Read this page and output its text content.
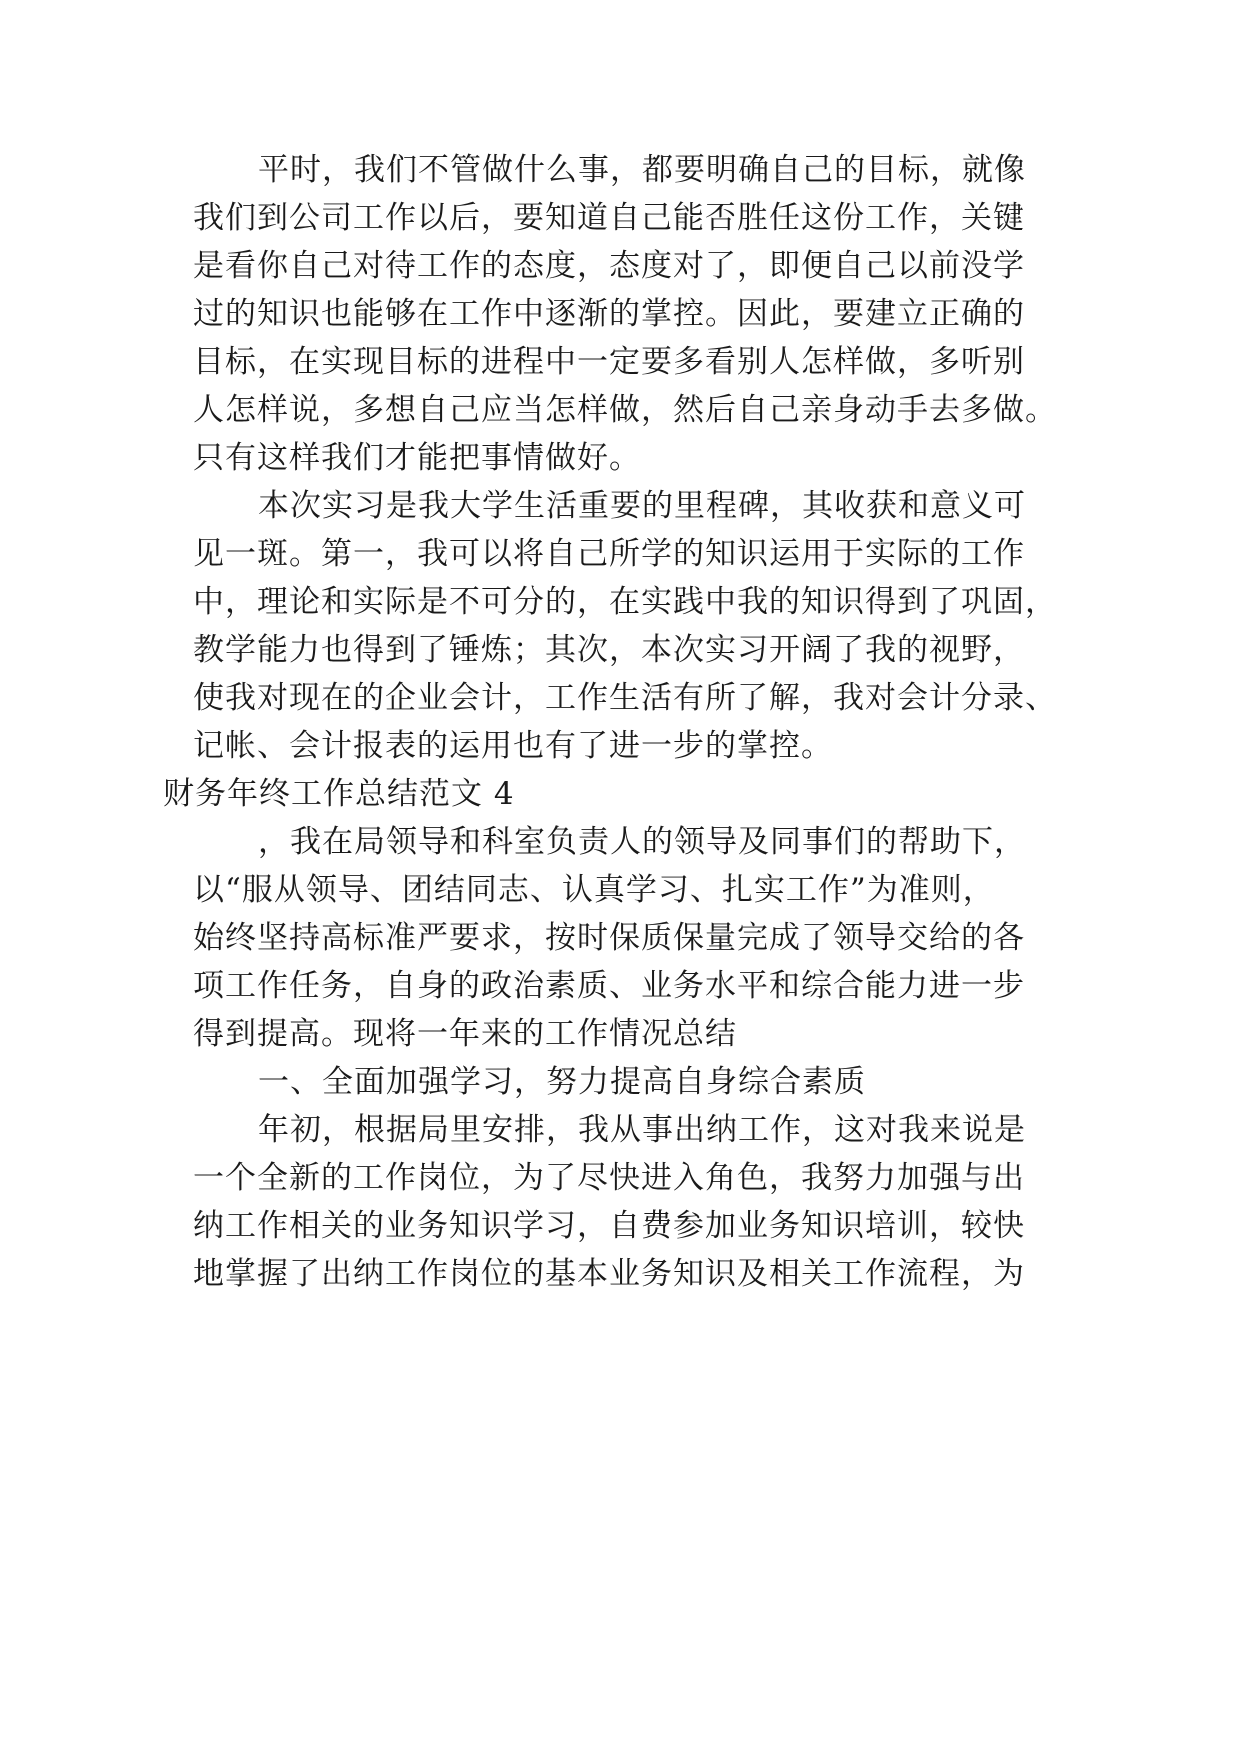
平时，我们不管做什么事，都要明确自己的目标，就像

我们到公司工作以后，要知道自己能否胜任这份工作，关键

是看你自己对待工作的态度，态度对了，即便自己以前没学

过的知识也能够在工作中逐渐的掌控。因此，要建立正确的

目标，在实现目标的进程中一定要多看别人怎样做，多听别

人怎样说，多想自己应当怎样做，然后自己亲身动手去多做。

只有这样我们才能把事情做好。

本次实习是我大学生活重要的里程碑，其收获和意义可

见一斑。第一，我可以将自己所学的知识运用于实际的工作

中，理论和实际是不可分的，在实践中我的知识得到了巩固，

教学能力也得到了锤炼；其次，本次实习开阔了我的视野，

使我对现在的企业会计，工作生活有所了解，我对会计分录、

记帐、会计报表的运用也有了进一步的掌控。

财务年终工作总结范文 4

，我在局领导和科室负责人的领导及同事们的帮助下，

以“服从领导、团结同志、认真学习、扎实工作”为准则，

始终坚持高标准严要求，按时保质保量完成了领导交给的各

项工作任务，自身的政治素质、业务水平和综合能力进一步

得到提高。现将一年来的工作情况总结

一、全面加强学习，努力提高自身综合素质

年初，根据局里安排，我从事出纳工作，这对我来说是

一个全新的工作岗位，为了尽快进入角色，我努力加强与出

纳工作相关的业务知识学习，自费参加业务知识培训，较快

地掌握了出纳工作岗位的基本业务知识及相关工作流程，为
